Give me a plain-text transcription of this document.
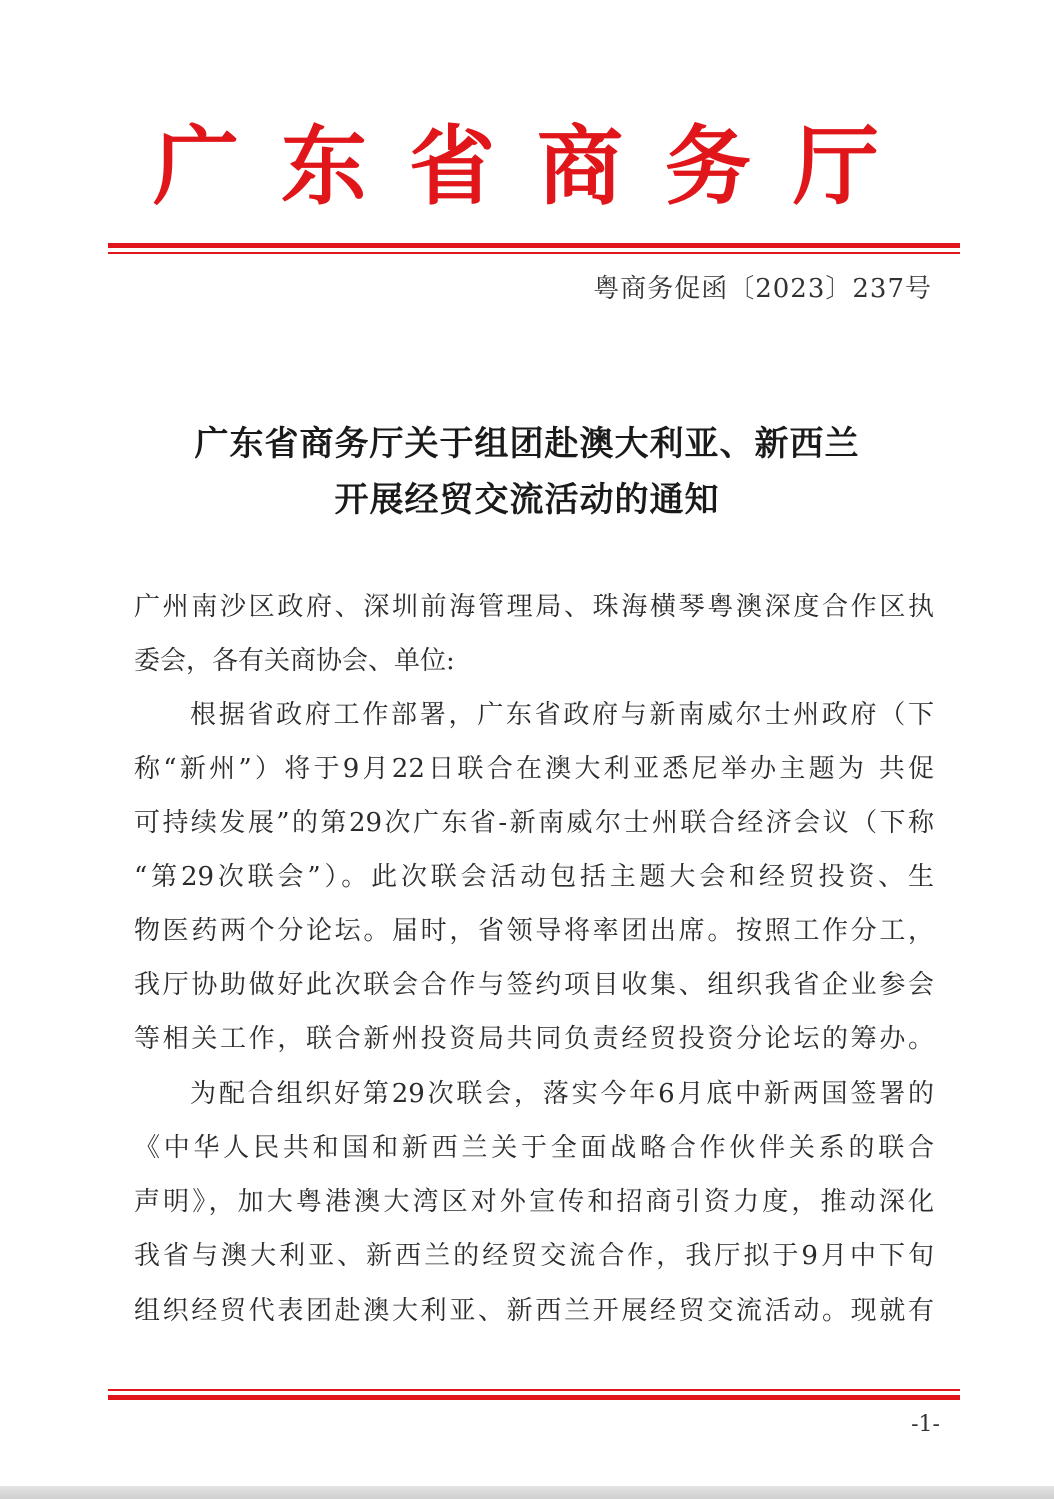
广东省商务厅
粤商务促函〔2023〕237号
广东省商务厅关于组团赴澳大利亚、新西兰
开展经贸交流活动的通知
广州南沙区政府、深圳前海管理局、珠海横琴粤澳深度合作区执
委会，各有关商协会、单位:
根据省政府工作部署，广东省政府与新南威尔士州政府（下
称“新州”）将于9月22日联合在澳大利亚悉尼举办主题为 共促
可持续发展”的第29次广东省-新南威尔士州联合经济会议（下称
“第29次联会”）。此次联会活动包括主题大会和经贸投资、生
物医药两个分论坛。届时，省领导将率团出席。按照工作分工，
我厅协助做好此次联会合作与签约项目收集、组织我省企业参会
等相关工作，联合新州投资局共同负责经贸投资分论坛的筹办。
为配合组织好第29次联会，落实今年6月底中新两国签署的
《中华人民共和国和新西兰关于全面战略合作伙伴关系的联合
声明》，加大粤港澳大湾区对外宣传和招商引资力度，推动深化
我省与澳大利亚、新西兰的经贸交流合作，我厅拟于9月中下旬
组织经贸代表团赴澳大利亚、新西兰开展经贸交流活动。现就有
-1-
